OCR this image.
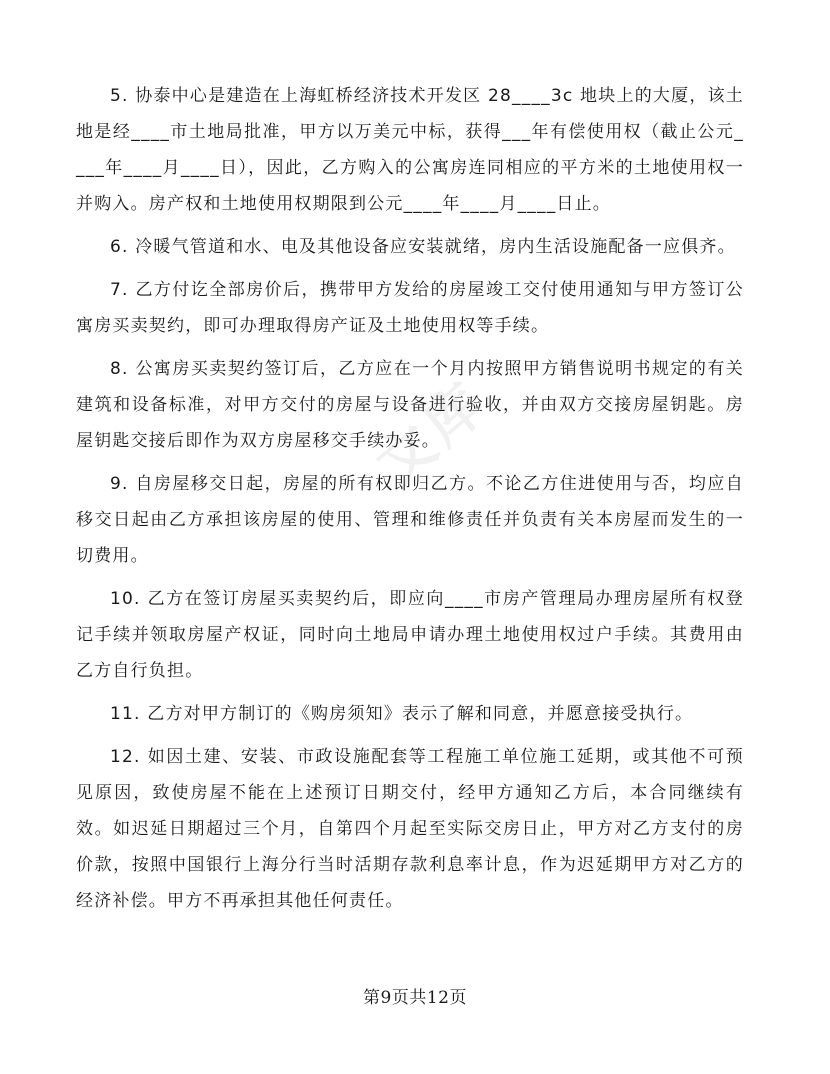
文库

5. 协泰中心是建造在上海虹桥经济技术开发区 28____3c 地块上的大厦，该土地是经____市土地局批准，甲方以万美元中标，获得___年有偿使用权（截止公元____年____月____日），因此，乙方购入的公寓房连同相应的平方米的土地使用权一并购入。房产权和土地使用权期限到公元____年____月____日止。

6. 冷暖气管道和水、电及其他设备应安装就绪，房内生活设施配备一应俱齐。

7. 乙方付讫全部房价后，携带甲方发给的房屋竣工交付使用通知与甲方签订公寓房买卖契约，即可办理取得房产证及土地使用权等手续。

8. 公寓房买卖契约签订后，乙方应在一个月内按照甲方销售说明书规定的有关建筑和设备标准，对甲方交付的房屋与设备进行验收，并由双方交接房屋钥匙。房屋钥匙交接后即作为双方房屋移交手续办妥。

9. 自房屋移交日起，房屋的所有权即归乙方。不论乙方住进使用与否，均应自移交日起由乙方承担该房屋的使用、管理和维修责任并负责有关本房屋而发生的一切费用。

10. 乙方在签订房屋买卖契约后，即应向____市房产管理局办理房屋所有权登记手续并领取房屋产权证，同时向土地局申请办理土地使用权过户手续。其费用由乙方自行负担。

11. 乙方对甲方制订的《购房须知》表示了解和同意，并愿意接受执行。

12. 如因土建、安装、市政设施配套等工程施工单位施工延期，或其他不可预见原因，致使房屋不能在上述预订日期交付，经甲方通知乙方后，本合同继续有效。如迟延日期超过三个月，自第四个月起至实际交房日止，甲方对乙方支付的房价款，按照中国银行上海分行当时活期存款利息率计息，作为迟延期甲方对乙方的经济补偿。甲方不再承担其他任何责任。

第9页共12页
